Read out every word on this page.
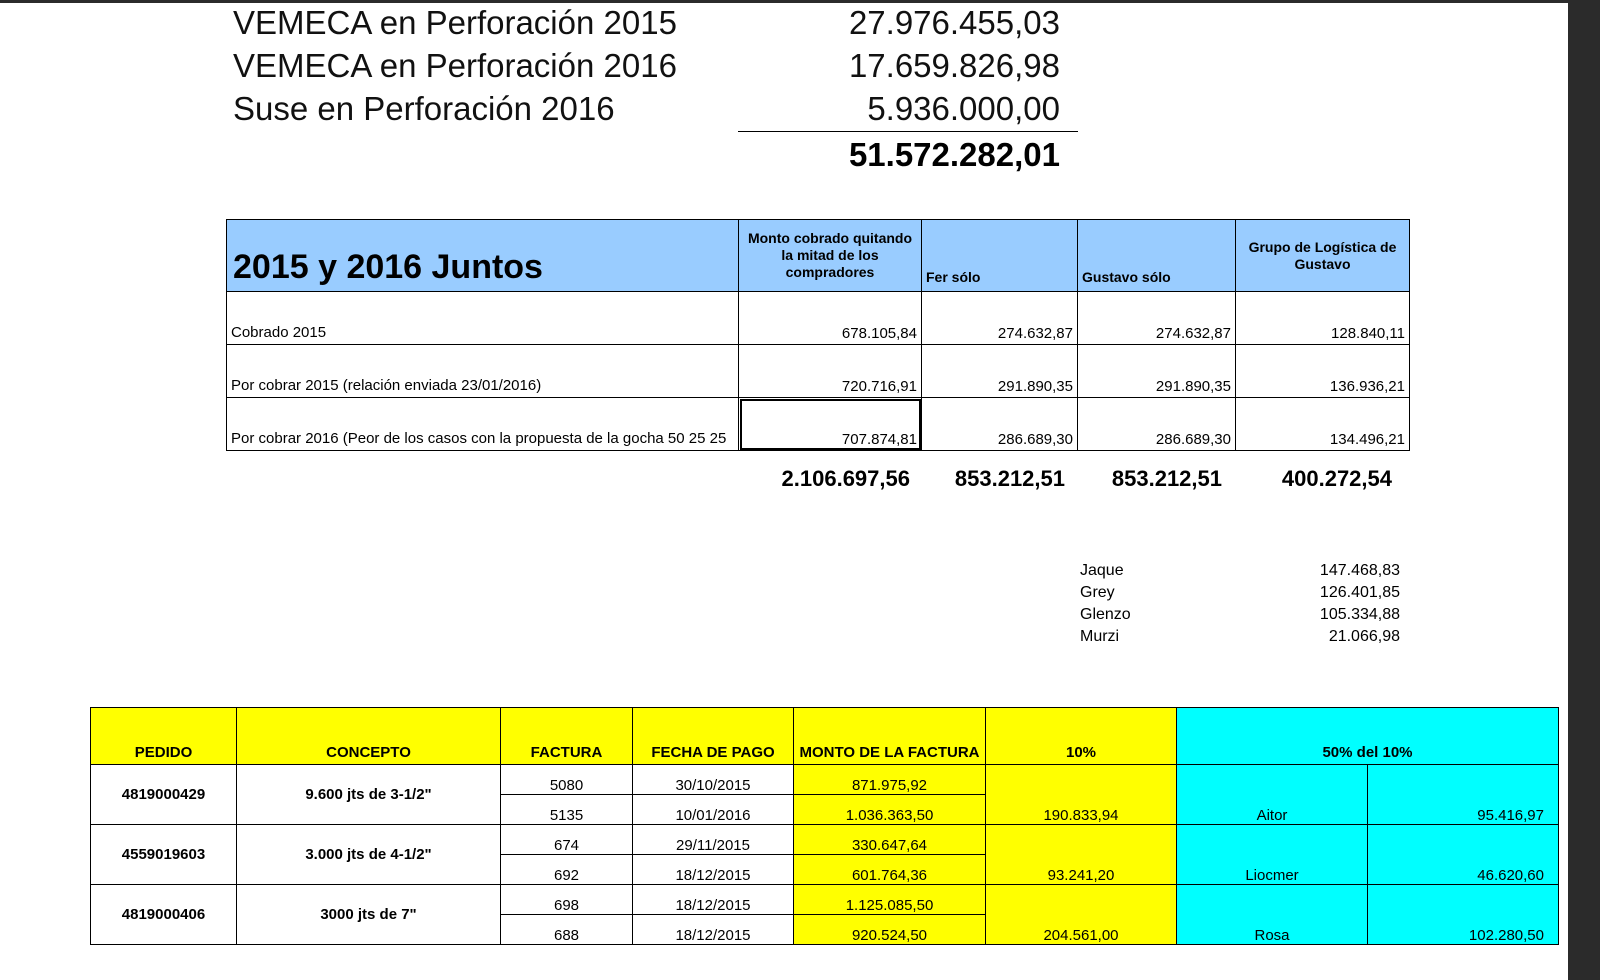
VEMECA en Perforación 2015	27.976.455,03
VEMECA en Perforación 2016	17.659.826,98
Suse en Perforación 2016	5.936.000,00
51.572.282,01
2015 y 2016 Juntos	Monto cobrado quitando la mitad de los compradores	Fer sólo	Gustavo sólo	Grupo de Logística de Gustavo
Cobrado 2015	678.105,84	274.632,87	274.632,87	128.840,11
Por cobrar 2015 (relación enviada 23/01/2016)	720.716,91	291.890,35	291.890,35	136.936,21
Por cobrar 2016 (Peor de los casos con la propuesta de la gocha 50 25 25	707.874,81	286.689,30	286.689,30	134.496,21
2.106.697,56 853.212,51 853.212,51	400.272,54
Jaque	147.468,83
Grey	126.401,85
Glenzo	105.334,88
Murzi	21.066,98
PEDIDO	CONCEPTO	FACTURA	FECHA DE PAGO	MONTO DE LA FACTURA	10%	50% del 10%	
4819000429	9.600 jts de 3-1/2"	5080	30/10/2015	871.975,92	190.833,94	Aitor	95.416,97
		5135	10/01/2016	1.036.363,50			
4559019603	3.000 jts de 4-1/2"	674	29/11/2015	330.647,64	93.241,20	Liocmer	46.620,60
		692	18/12/2015	601.764,36			
4819000406	3000 jts de 7"	698	18/12/2015	1.125.085,50	204.561,00	Rosa	102.280,50
		688	18/12/2015	920.524,50			
